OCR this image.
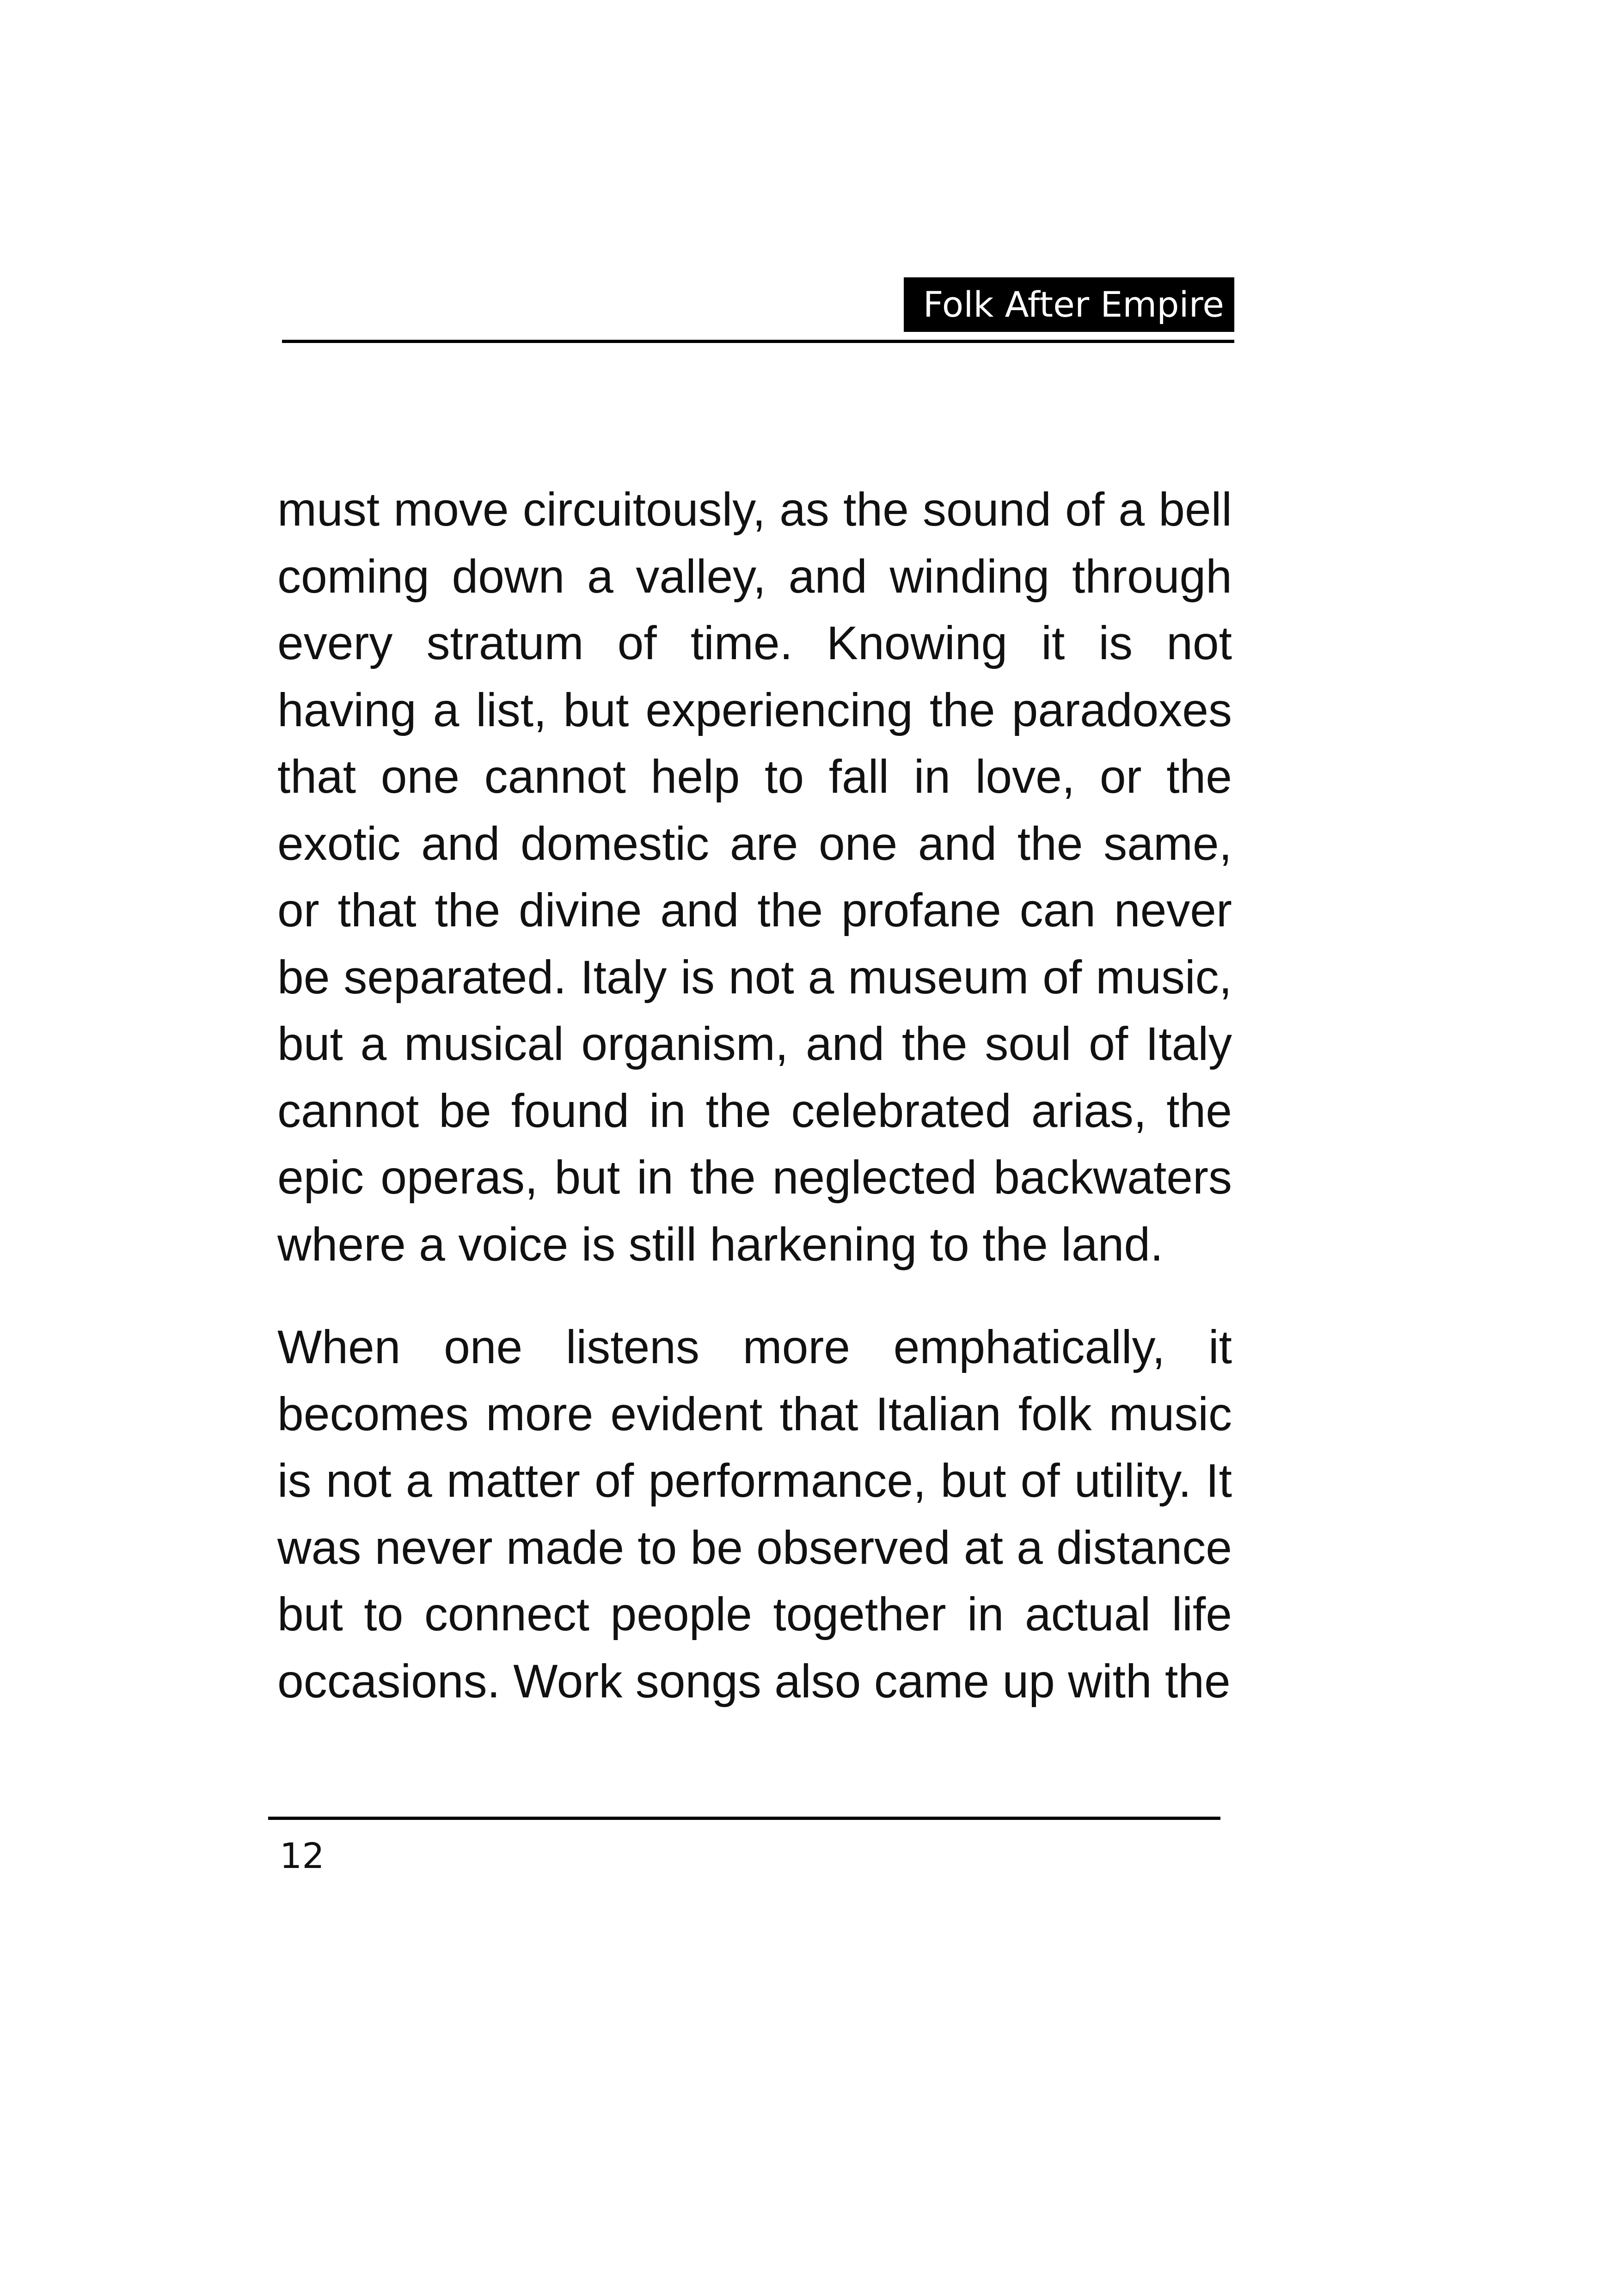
Folk After Empire

must move circuitously, as the sound of a bell coming down a valley, and winding through every stratum of time. Knowing it is not having a list, but experiencing the paradoxes that one cannot help to fall in love, or the exotic and domestic are one and the same, or that the divine and the profane can never be separated. Italy is not a museum of music, but a musical organism, and the soul of Italy cannot be found in the celebrated arias, the epic operas, but in the neglected backwaters where a voice is still harkening to the land.

When one listens more emphatically, it becomes more evident that Italian folk music is not a matter of performance, but of utility. It was never made to be observed at a distance but to connect people together in actual life occasions. Work songs also came up with the

12
